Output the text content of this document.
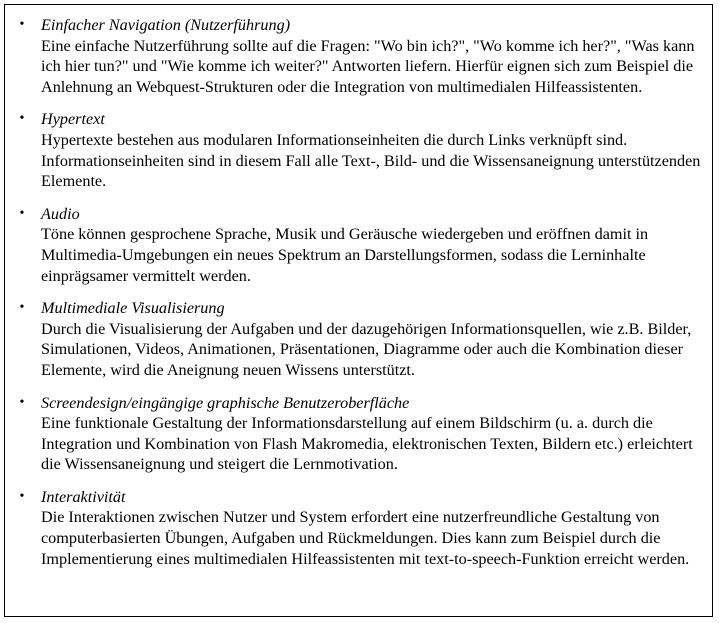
• Einfacher Navigation (Nutzerführung)
Eine einfache Nutzerführung sollte auf die Fragen: "Wo bin ich?", "Wo komme ich her?", "Was kann ich hier tun?" und "Wie komme ich weiter?" Antworten liefern. Hierfür eignen sich zum Beispiel die Anlehnung an Webquest-Strukturen oder die Integration von multimedialen Hilfeassistenten.
• Hypertext
Hypertexte bestehen aus modularen Informationseinheiten die durch Links verknüpft sind. Informationseinheiten sind in diesem Fall alle Text-, Bild- und die Wissensaneignung unterstützenden Elemente.
• Audio
Töne können gesprochene Sprache, Musik und Geräusche wiedergeben und eröffnen damit in Multimedia-Umgebungen ein neues Spektrum an Darstellungsformen, sodass die Lerninhalte einprägsamer vermittelt werden.
• Multimediale Visualisierung
Durch die Visualisierung der Aufgaben und der dazugehörigen Informationsquellen, wie z.B. Bilder, Simulationen, Videos, Animationen, Präsentationen, Diagramme oder auch die Kombination dieser Elemente, wird die Aneignung neuen Wissens unterstützt.
• Screendesign/eingängige graphische Benutzeroberfläche
Eine funktionale Gestaltung der Informationsdarstellung auf einem Bildschirm (u. a. durch die Integration und Kombination von Flash Makromedia, elektronischen Texten, Bildern etc.) erleichtert die Wissensaneignung und steigert die Lernmotivation.
• Interaktivität
Die Interaktionen zwischen Nutzer und System erfordert eine nutzerfreundliche Gestaltung von computerbasierten Übungen, Aufgaben und Rückmeldungen. Dies kann zum Beispiel durch die Implementierung eines multimedialen Hilfeassistenten mit text-to-speech-Funktion erreicht werden.
